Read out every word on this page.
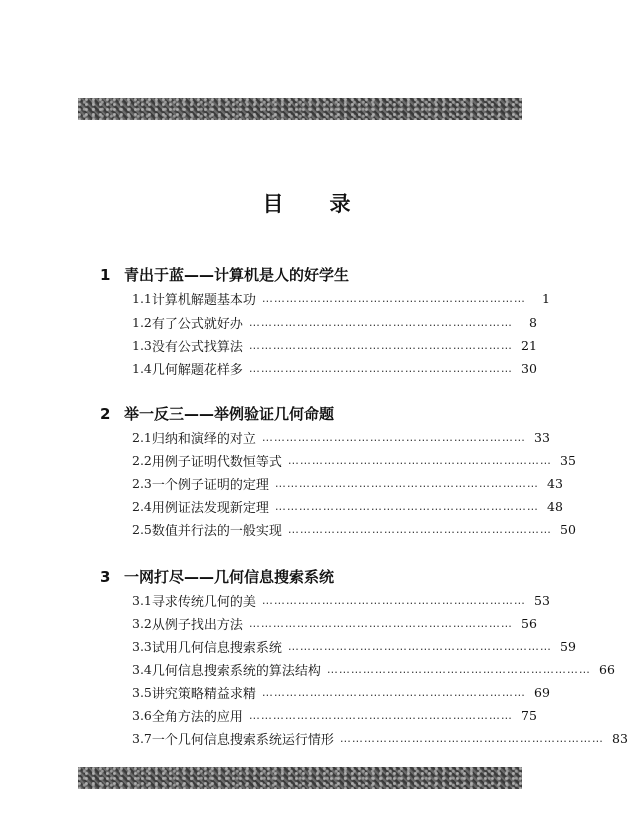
目 录
1 青出于蓝——计算机是人的好学生
1.1 计算机解题基本功 …………………………………………………………	1
1.2 有了公式就好办 …………………………………………………………	8
1.3 没有公式找算法 ………………………………………………………… 21
1.4 几何解题花样多 ………………………………………………………… 30
2 举一反三——举例验证几何命题
2.1 归纳和演绎的对立 ………………………………………………………… 33
2.2 用例子证明代数恒等式 ………………………………………………………… 35
2.3 一个例子证明的定理 ………………………………………………………… 43
2.4 用例证法发现新定理 ………………………………………………………… 48
2.5 数值并行法的一般实现 ………………………………………………………… 50
3 一网打尽——几何信息搜索系统
3.1 寻求传统几何的美 ………………………………………………………… 53
3.2 从例子找出方法 ………………………………………………………… 56
3.3 试用几何信息搜索系统 ………………………………………………………… 59
3.4 几何信息搜索系统的算法结构 ………………………………………………………… 66
3.5 讲究策略精益求精 ………………………………………………………… 69
3.6 全角方法的应用 ………………………………………………………… 75
3.7 一个几何信息搜索系统运行情形 ………………………………………………………… 83
